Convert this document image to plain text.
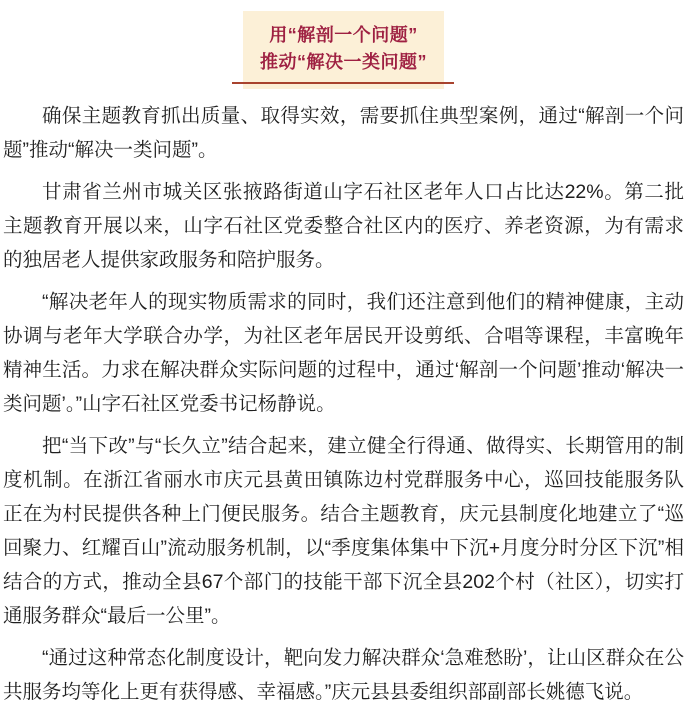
用“解剖一个问题”
推动“解决一类问题”

确保主题教育抓出质量、取得实效，需要抓住典型案例，通过“解剖一个问题”推动“解决一类问题”。

甘肃省兰州市城关区张掖路街道山字石社区老年人口占比达22%。第二批主题教育开展以来，山字石社区党委整合社区内的医疗、养老资源，为有需求的独居老人提供家政服务和陪护服务。

“解决老年人的现实物质需求的同时，我们还注意到他们的精神健康，主动协调与老年大学联合办学，为社区老年居民开设剪纸、合唱等课程，丰富晚年精神生活。力求在解决群众实际问题的过程中，通过‘解剖一个问题’推动‘解决一类问题’。”山字石社区党委书记杨静说。

把“当下改”与“长久立”结合起来，建立健全行得通、做得实、长期管用的制度机制。在浙江省丽水市庆元县黄田镇陈边村党群服务中心，巡回技能服务队正在为村民提供各种上门便民服务。结合主题教育，庆元县制度化地建立了“巡回聚力、红耀百山”流动服务机制，以“季度集体集中下沉+月度分时分区下沉”相结合的方式，推动全县67个部门的技能干部下沉全县202个村（社区），切实打通服务群众“最后一公里”。

“通过这种常态化制度设计，靶向发力解决群众‘急难愁盼’，让山区群众在公共服务均等化上更有获得感、幸福感。”庆元县县委组织部副部长姚德飞说。
